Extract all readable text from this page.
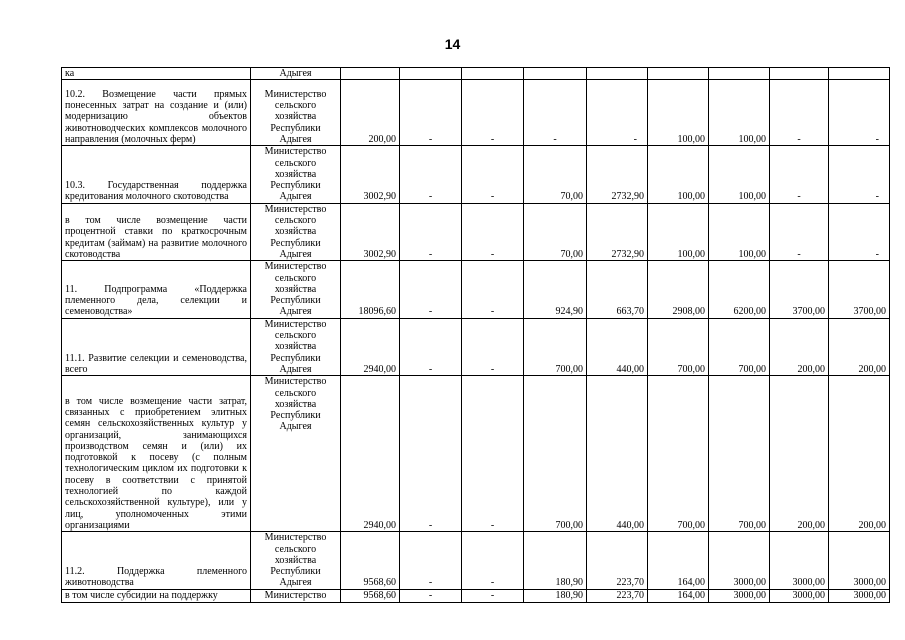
14
ка	Адыгея									
10.2. Возмещение части прямых понесенных затрат на создание и (или) модернизацию объектов животноводческих комплексов молочного направления (молочных ферм)	Министерство сельского хозяйства Республики Адыгея	200,00	-	-	-	-	100,00	100,00	-	-
10.3. Государственная поддержка кредитования молочного скотоводства	Министерство сельского хозяйства Республики Адыгея	3002,90	-	-	70,00	2732,90	100,00	100,00	-	-
в том числе возмещение части процентной ставки по краткосрочным кредитам (займам) на развитие молочного скотоводства	Министерство сельского хозяйства Республики Адыгея	3002,90	-	-	70,00	2732,90	100,00	100,00	-	-
11. Подпрограмма «Поддержка племенного дела, селекции и семеноводства»	Министерство сельского хозяйства Республики Адыгея	18096,60	-	-	924,90	663,70	2908,00	6200,00	3700,00	3700,00
11.1. Развитие селекции и семеноводства, всего	Министерство сельского хозяйства Республики Адыгея	2940,00	-	-	700,00	440,00	700,00	700,00	200,00	200,00
в том числе возмещение части затрат, связанных с приобретением элитных семян сельскохозяйственных культур у организаций, занимающихся производством семян и (или) их подготовкой к посеву (с полным технологическим циклом их подготовки к посеву в соответствии с принятой технологией по каждой сельскохозяйственной культуре), или у лиц, уполномоченных этими организациями	Министерство сельского хозяйства Республики Адыгея	2940,00	-	-	700,00	440,00	700,00	700,00	200,00	200,00
11.2. Поддержка племенного животноводства	Министерство сельского хозяйства Республики Адыгея	9568,60	-	-	180,90	223,70	164,00	3000,00	3000,00	3000,00
в том числе субсидии на поддержку	Министерство	9568,60	-	-	180,90	223,70	164,00	3000,00	3000,00	3000,00
